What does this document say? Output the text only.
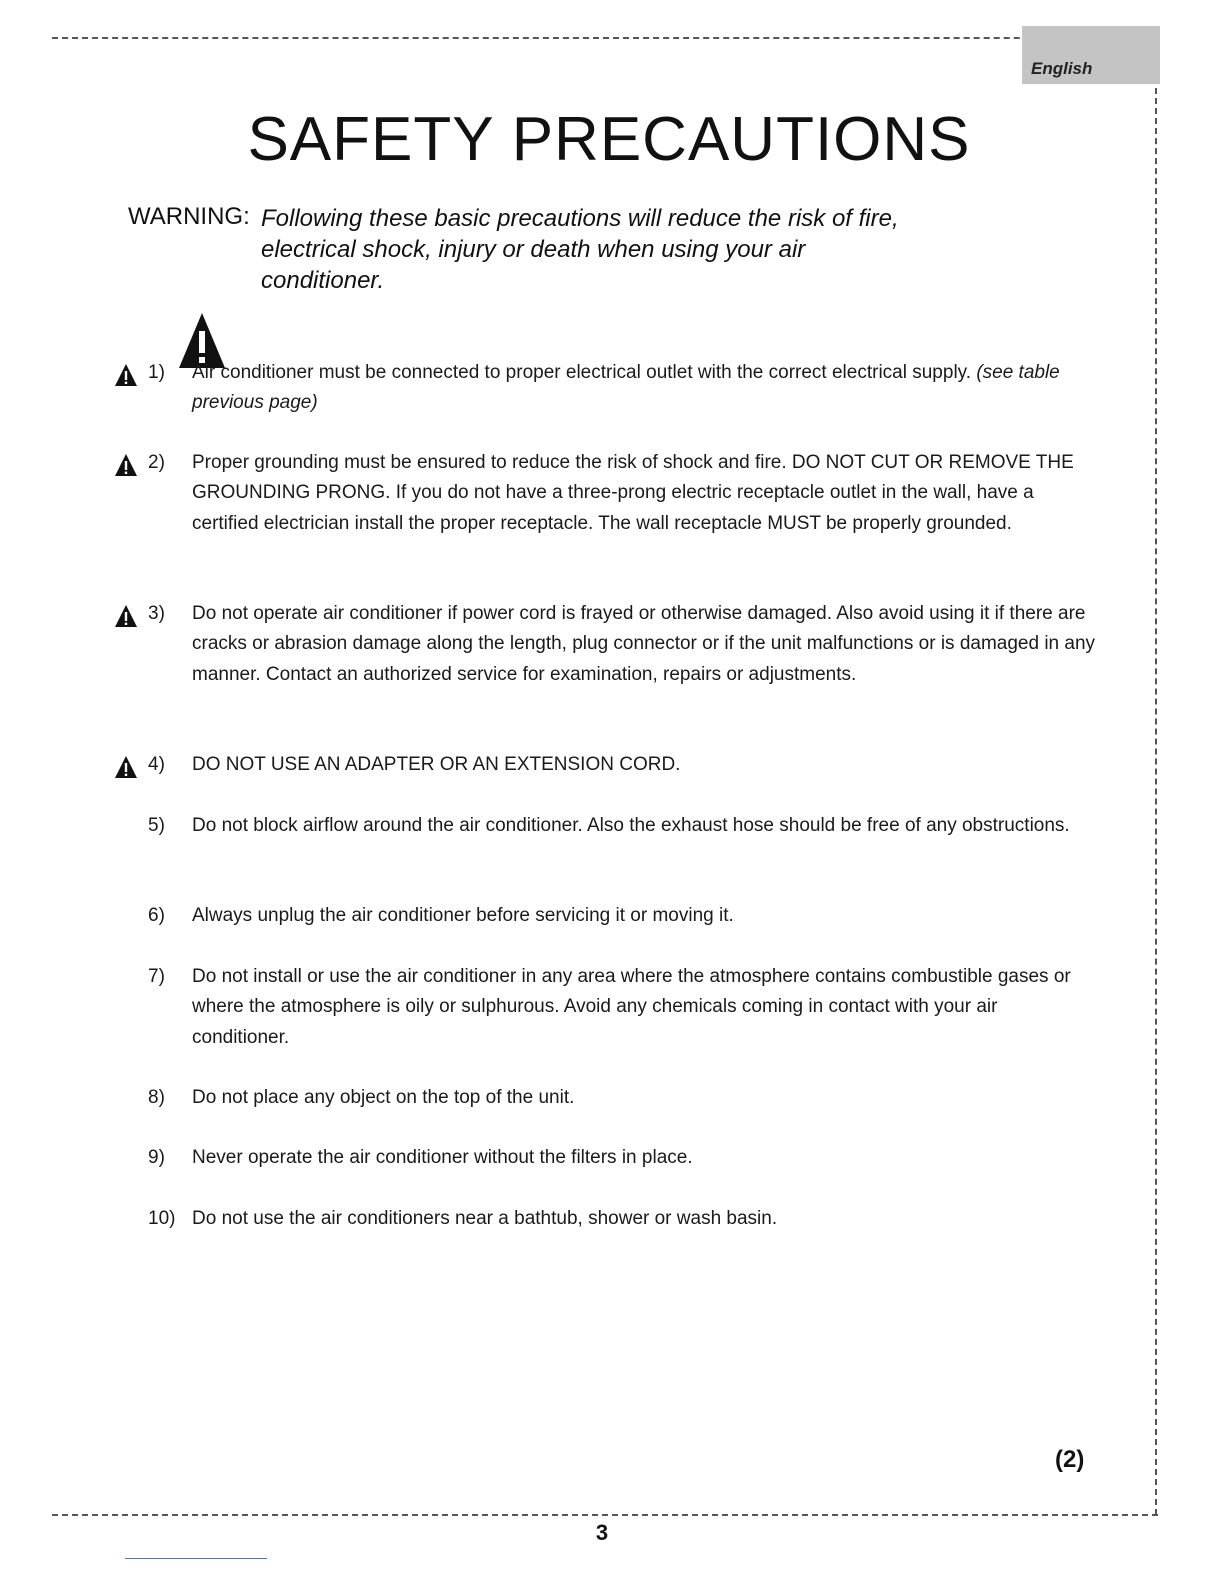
English
SAFETY PRECAUTIONS
WARNING: Following these basic precautions will reduce the risk of fire, electrical shock, injury or death when using your air conditioner.
1) Air conditioner must be connected to proper electrical outlet with the correct electrical supply. (see table previous page)
2) Proper grounding must be ensured to reduce the risk of shock and fire. DO NOT CUT OR REMOVE THE GROUNDING PRONG. If you do not have a three-prong electric receptacle outlet in the wall, have a certified electrician install the proper receptacle. The wall receptacle MUST be properly grounded.
3) Do not operate air conditioner if power cord is frayed or otherwise damaged. Also avoid using it if there are cracks or abrasion damage along the length, plug connector or if the unit malfunctions or is damaged in any manner. Contact an authorized service for examination, repairs or adjustments.
4) DO NOT USE AN ADAPTER OR AN EXTENSION CORD.
5) Do not block airflow around the air conditioner. Also the exhaust hose should be free of any obstructions.
6) Always unplug the air conditioner before servicing it or moving it.
7) Do not install or use the air conditioner in any area where the atmosphere contains combustible gases or where the atmosphere is oily or sulphurous. Avoid any chemicals coming in contact with your air conditioner.
8) Do not place any object on the top of the unit.
9) Never operate the air conditioner without the filters in place.
10) Do not use the air conditioners near a bathtub, shower or wash basin.
(2)
3
